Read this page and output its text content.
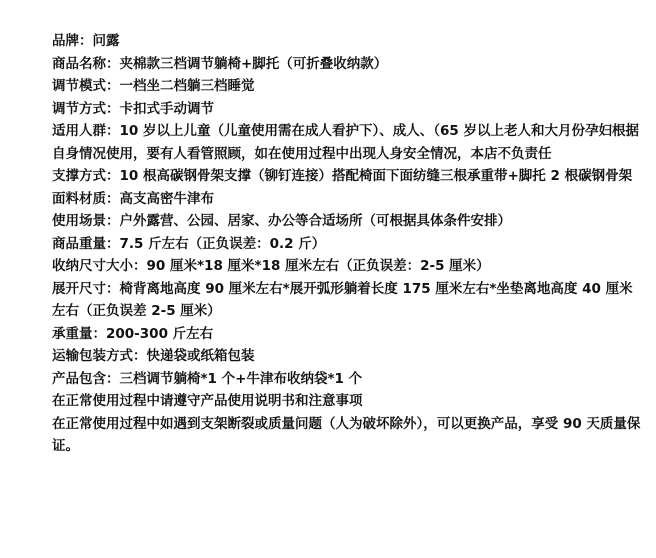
品牌：问露

商品名称：夹棉款三档调节躺椅+脚托（可折叠收纳款）

调节模式：一档坐二档躺三档睡觉

调节方式：卡扣式手动调节

适用人群：10 岁以上儿童（儿童使用需在成人看护下）、成人、（65 岁以上老人和大月份孕妇根据自身情况使用，要有人看管照顾，如在使用过程中出现人身安全情况，本店不负责任

支撑方式：10 根高碳钢骨架支撑（铆钉连接）搭配椅面下面纺缝三根承重带+脚托 2 根碳钢骨架

面料材质：高支高密牛津布

使用场景：户外露营、公园、居家、办公等合适场所（可根据具体条件安排）

商品重量：7.5 斤左右（正负误差：0.2 斤）

收纳尺寸大小：90 厘米*18 厘米*18 厘米左右（正负误差：2-5 厘米）

展开尺寸：椅背离地高度 90 厘米左右*展开弧形躺着长度 175 厘米左右*坐垫离地高度 40 厘米左右（正负误差 2-5 厘米）

承重量：200-300 斤左右

运输包装方式：快递袋或纸箱包装

产品包含：三档调节躺椅*1 个+牛津布收纳袋*1 个

在正常使用过程中请遵守产品使用说明书和注意事项

在正常使用过程中如遇到支架断裂或质量问题（人为破坏除外），可以更换产品，享受 90 天质量保证。
